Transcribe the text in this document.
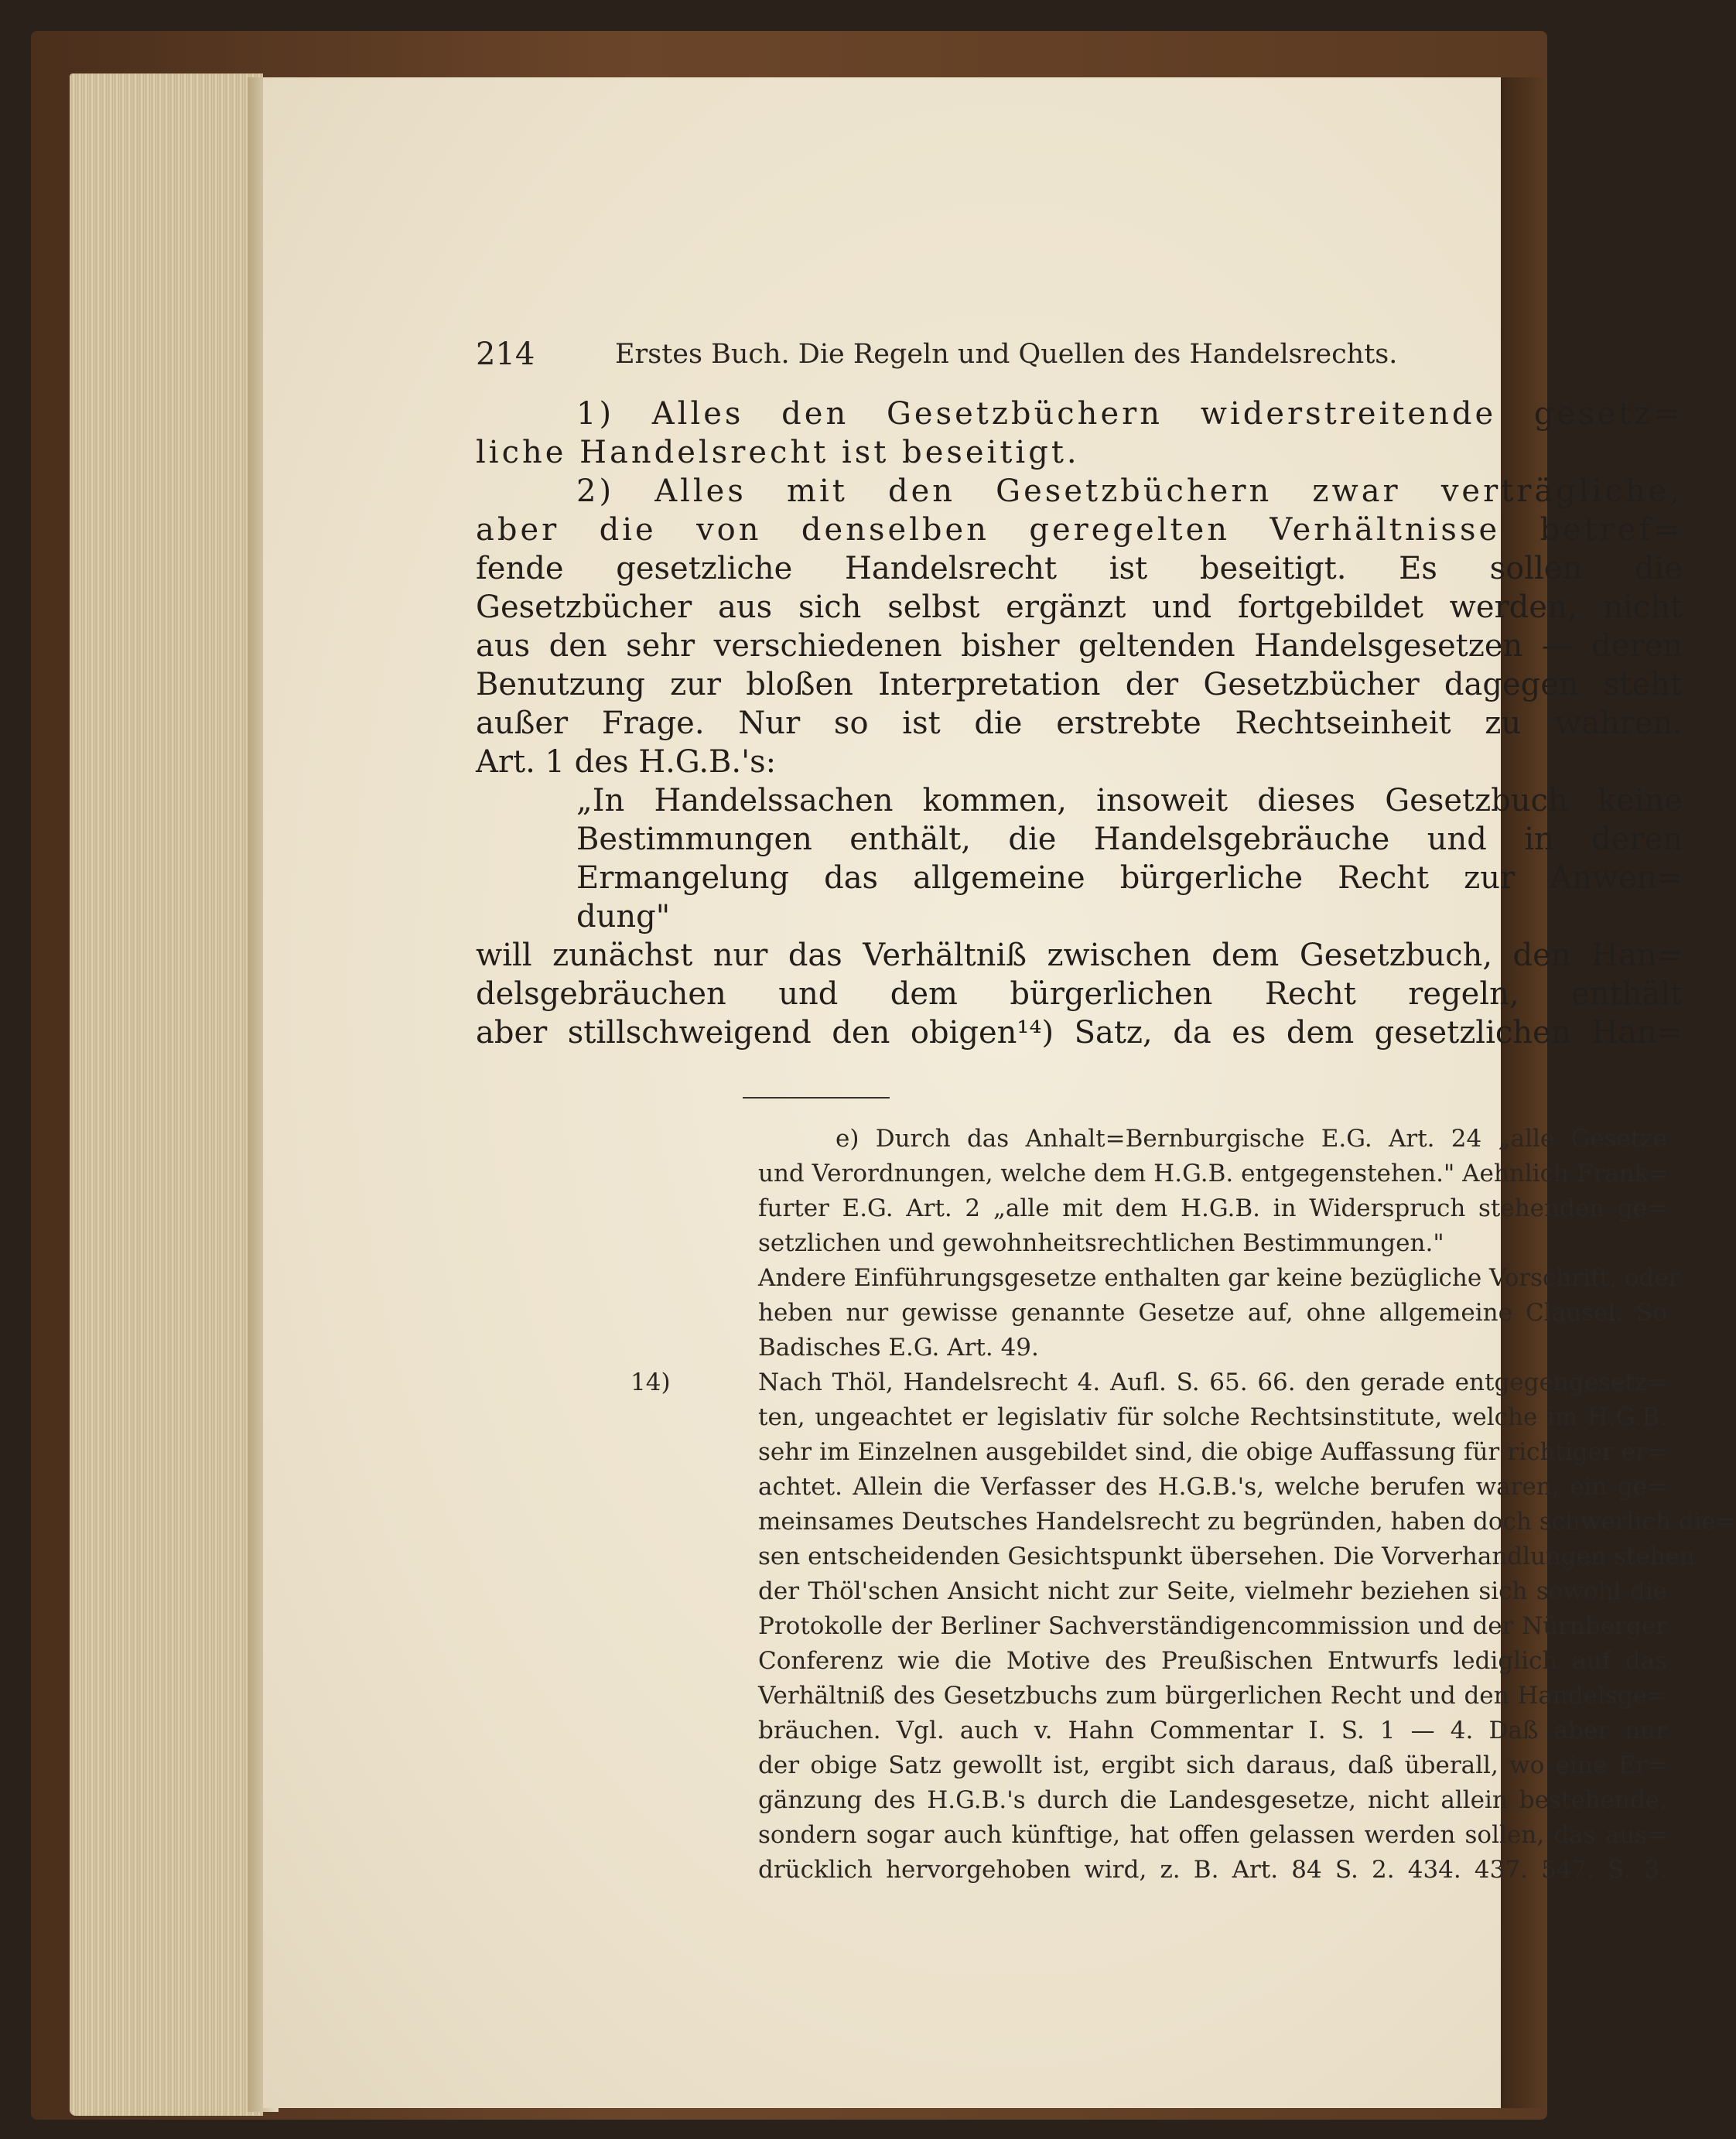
214	Erstes Buch. Die Regeln und Quellen des Handelsrechts.
1) Alles den Gesetzbüchern widerstreitende gesetz=
liche Handelsrecht ist beseitigt.
2) Alles mit den Gesetzbüchern zwar verträgliche,
aber die von denselben geregelten Verhältnisse betref=
fende gesetzliche Handelsrecht ist beseitigt. Es sollen die
Gesetzbücher aus sich selbst ergänzt und fortgebildet werden, nicht
aus den sehr verschiedenen bisher geltenden Handelsgesetzen — deren
Benutzung zur bloßen Interpretation der Gesetzbücher dagegen steht
außer Frage. Nur so ist die erstrebte Rechtseinheit zu wahren.
Art. 1 des H.G.B.'s:
„In Handelssachen kommen, insoweit dieses Gesetzbuch keine
Bestimmungen enthält, die Handelsgebräuche und in deren
Ermangelung das allgemeine bürgerliche Recht zur Anwen=
dung"
will zunächst nur das Verhältniß zwischen dem Gesetzbuch, den Han=
delsgebräuchen und dem bürgerlichen Recht regeln, enthält
aber stillschweigend den obigen¹⁴) Satz, da es dem gesetzlichen Han=
e) Durch das Anhalt=Bernburgische E.G. Art. 24 „alle Gesetze
und Verordnungen, welche dem H.G.B. entgegenstehen." Aehnlich Frank=
furter E.G. Art. 2 „alle mit dem H.G.B. in Widerspruch stehenden ge=
setzlichen und gewohnheitsrechtlichen Bestimmungen."
Andere Einführungsgesetze enthalten gar keine bezügliche Vorschrift, oder
heben nur gewisse genannte Gesetze auf, ohne allgemeine Clausel. So
Badisches E.G. Art. 49.
14)	Nach Thöl, Handelsrecht 4. Aufl. S. 65. 66. den gerade entgegengesetz=
ten, ungeachtet er legislativ für solche Rechtsinstitute, welche im H.G.B.
sehr im Einzelnen ausgebildet sind, die obige Auffassung für richtiger er=
achtet. Allein die Verfasser des H.G.B.'s, welche berufen waren, ein ge=
meinsames Deutsches Handelsrecht zu begründen, haben doch schwerlich die=
sen entscheidenden Gesichtspunkt übersehen. Die Vorverhandlungen stehen
der Thöl'schen Ansicht nicht zur Seite, vielmehr beziehen sich sowohl die
Protokolle der Berliner Sachverständigencommission und der Nürnberger
Conferenz wie die Motive des Preußischen Entwurfs lediglich auf das
Verhältniß des Gesetzbuchs zum bürgerlichen Recht und den Handelsge=
bräuchen. Vgl. auch v. Hahn Commentar I. S. 1 — 4. Daß aber nur
der obige Satz gewollt ist, ergibt sich daraus, daß überall, wo eine Er=
gänzung des H.G.B.'s durch die Landesgesetze, nicht allein bestehende,
sondern sogar auch künftige, hat offen gelassen werden sollen, das aus=
drücklich hervorgehoben wird, z. B. Art. 84 S. 2. 434. 437. 547. S. 3.
